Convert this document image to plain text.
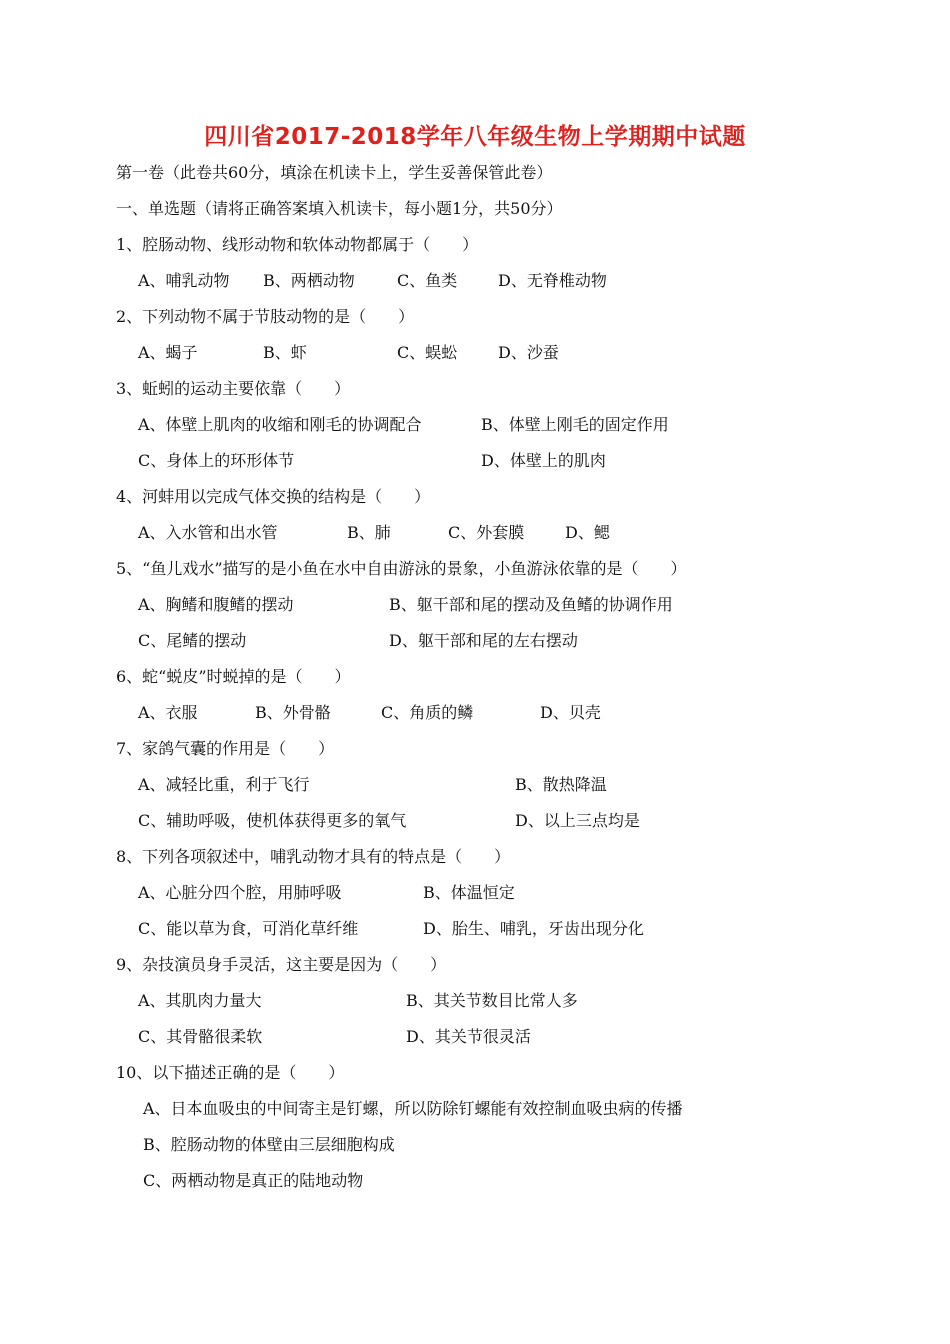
四川省2017-2018学年八年级生物上学期期中试题
第一卷（此卷共60分，填涂在机读卡上，学生妥善保管此卷）
一、单选题（请将正确答案填入机读卡，每小题1分，共50分）
1、腔肠动物、线形动物和软体动物都属于（　　）
A、哺乳动物 B、两栖动物	C、鱼类	D、无脊椎动物
2、下列动物不属于节肢动物的是（　　）
A、蝎子	B、虾	C、蜈蚣	D、沙蚕
3、蚯蚓的运动主要依靠（　　）
A、体壁上肌肉的收缩和刚毛的协调配合	B、体壁上刚毛的固定作用
C、身体上的环形体节	D、体壁上的肌肉
4、河蚌用以完成气体交换的结构是（　　）
A、入水管和出水管	B、肺	C、外套膜	D、鳃
5、“鱼儿戏水”描写的是小鱼在水中自由游泳的景象，小鱼游泳依靠的是（　　）
A、胸鳍和腹鳍的摆动	B、躯干部和尾的摆动及鱼鳍的协调作用
C、尾鳍的摆动	D、躯干部和尾的左右摆动
6、蛇“蜕皮”时蜕掉的是（　　）
A、衣服	B、外骨骼	C、角质的鳞	D、贝壳
7、家鸽气囊的作用是（　　）
A、减轻比重，利于飞行	B、散热降温
C、辅助呼吸，使机体获得更多的氧气	D、以上三点均是
8、下列各项叙述中，哺乳动物才具有的特点是（　　）
A、心脏分四个腔，用肺呼吸	B、体温恒定
C、能以草为食，可消化草纤维	D、胎生、哺乳，牙齿出现分化
9、杂技演员身手灵活，这主要是因为（　　）
A、其肌肉力量大	B、其关节数目比常人多
C、其骨骼很柔软	D、其关节很灵活
10、以下描述正确的是（　　）
A、日本血吸虫的中间寄主是钉螺，所以防除钉螺能有效控制血吸虫病的传播
B、腔肠动物的体壁由三层细胞构成
C、两栖动物是真正的陆地动物
